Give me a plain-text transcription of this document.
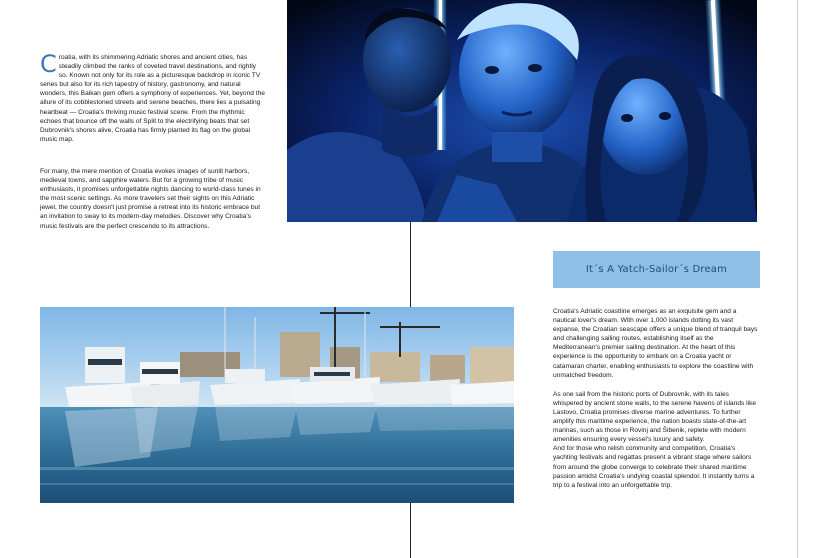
Croatia, with its shimmering Adriatic shores and ancient cities, has steadily climbed the ranks of coveted travel destinations, and rightly so. Known not only for its role as a picturesque backdrop in iconic TV series but also for its rich tapestry of history, gastronomy, and natural wonders, this Balkan gem offers a symphony of experiences. Yet, beyond the allure of its cobblestoned streets and serene beaches, there lies a pulsating heartbeat — Croatia's thriving music festival scene. From the rhythmic echoes that bounce off the walls of Split to the electrifying beats that set Dubrovnik's shores alive, Croatia has firmly planted its flag on the global music map.

For many, the mere mention of Croatia evokes images of sunlit harbors, medieval towns, and sapphire waters. But for a growing tribe of music enthusiasts, it promises unforgettable nights dancing to world-class tunes in the most scenic settings. As more travelers set their sights on this Adriatic jewel, the country doesn't just promise a retreat into its historic embrace but an invitation to sway to its modern-day melodies. Discover why Croatia's music festivals are the perfect crescendo to its attractions.
It´s A Yatch-Sailor´s Dream

Croatia's Adriatic coastline emerges as an exquisite gem and a nautical lover's dream. With over 1,000 islands dotting its vast expanse, the Croatian seascape offers a unique blend of tranquil bays and challenging sailing routes, establishing itself as the Mediterranean's premier sailing destination. At the heart of this experience is the opportunity to embark on a Croatia yacht or catamaran charter, enabling enthusiasts to explore the coastline with unmatched freedom.

As one sail from the historic ports of Dubrovnik, with its tales whispered by ancient stone walls, to the serene havens of islands like Lastovo, Croatia promises diverse marine adventures. To further amplify this maritime experience, the nation boasts state-of-the-art marinas, such as those in Rovinj and Šibenik, replete with modern amenities ensuring every vessel's luxury and safety.

And for those who relish community and competition, Croatia's yachting festivals and regattas present a vibrant stage where sailors from around the globe converge to celebrate their shared maritime passion amidst Croatia's undying coastal splendor. It instantly turns a trip to a festival into an unforgettable trip.
